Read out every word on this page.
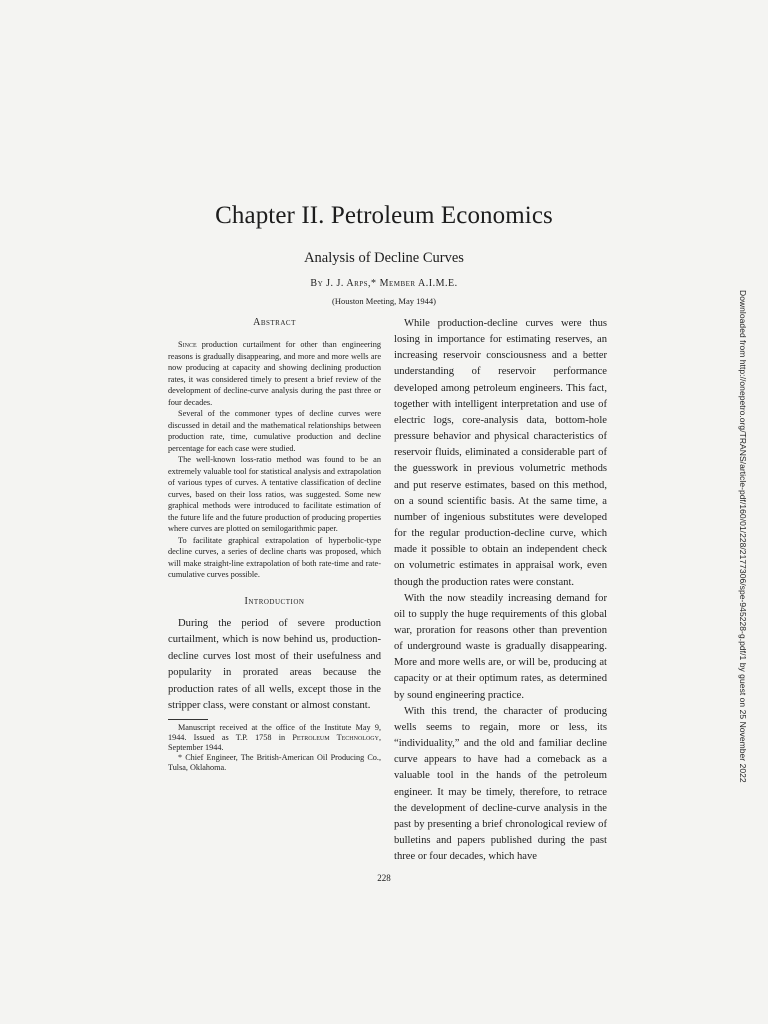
Chapter II. Petroleum Economics
Analysis of Decline Curves
By J. J. Arps,* Member A.I.M.E.
(Houston Meeting, May 1944)
Abstract

Since production curtailment for other than engineering reasons is gradually disappearing, and more and more wells are now producing at capacity and showing declining production rates, it was considered timely to present a brief review of the development of decline-curve analysis during the past three or four decades.

Several of the commoner types of decline curves were discussed in detail and the mathematical relationships between production rate, time, cumulative production and decline percentage for each case were studied.

The well-known loss-ratio method was found to be an extremely valuable tool for statistical analysis and extrapolation of various types of curves. A tentative classification of decline curves, based on their loss ratios, was suggested. Some new graphical methods were introduced to facilitate estimation of the future life and the future production of producing properties where curves are plotted on semilogarithmic paper.

To facilitate graphical extrapolation of hyperbolic-type decline curves, a series of decline charts was proposed, which will make straight-line extrapolation of both rate-time and rate-cumulative curves possible.

Introduction

During the period of severe production curtailment, which is now behind us, production-decline curves lost most of their usefulness and popularity in prorated areas because the production rates of all wells, except those in the stripper class, were constant or almost constant.

Manuscript received at the office of the Institute May 9, 1944. Issued as T.P. 1758 in Petroleum Technology, September 1944.

* Chief Engineer, The British-American Oil Producing Co., Tulsa, Oklahoma.

While production-decline curves were thus losing in importance for estimating reserves, an increasing reservoir consciousness and a better understanding of reservoir performance developed among petroleum engineers. This fact, together with intelligent interpretation and use of electric logs, core-analysis data, bottom-hole pressure behavior and physical characteristics of reservoir fluids, eliminated a considerable part of the guesswork in previous volumetric methods and put reserve estimates, based on this method, on a sound scientific basis. At the same time, a number of ingenious substitutes were developed for the regular production-decline curve, which made it possible to obtain an independent check on volumetric estimates in appraisal work, even though the production rates were constant.

With the now steadily increasing demand for oil to supply the huge requirements of this global war, proration for reasons other than prevention of underground waste is gradually disappearing. More and more wells are, or will be, producing at capacity or at their optimum rates, as determined by sound engineering practice.

With this trend, the character of producing wells seems to regain, more or less, its “individuality,” and the old and familiar decline curve appears to have had a comeback as a valuable tool in the hands of the petroleum engineer. It may be timely, therefore, to retrace the development of decline-curve analysis in the past by presenting a brief chronological review of bulletins and papers published during the past three or four decades, which have

228
Downloaded from http://onepetro.org/TRANS/article-pdf/160/01/228/2177306/spe-945228-g.pdf/1 by guest on 25 November 2022
